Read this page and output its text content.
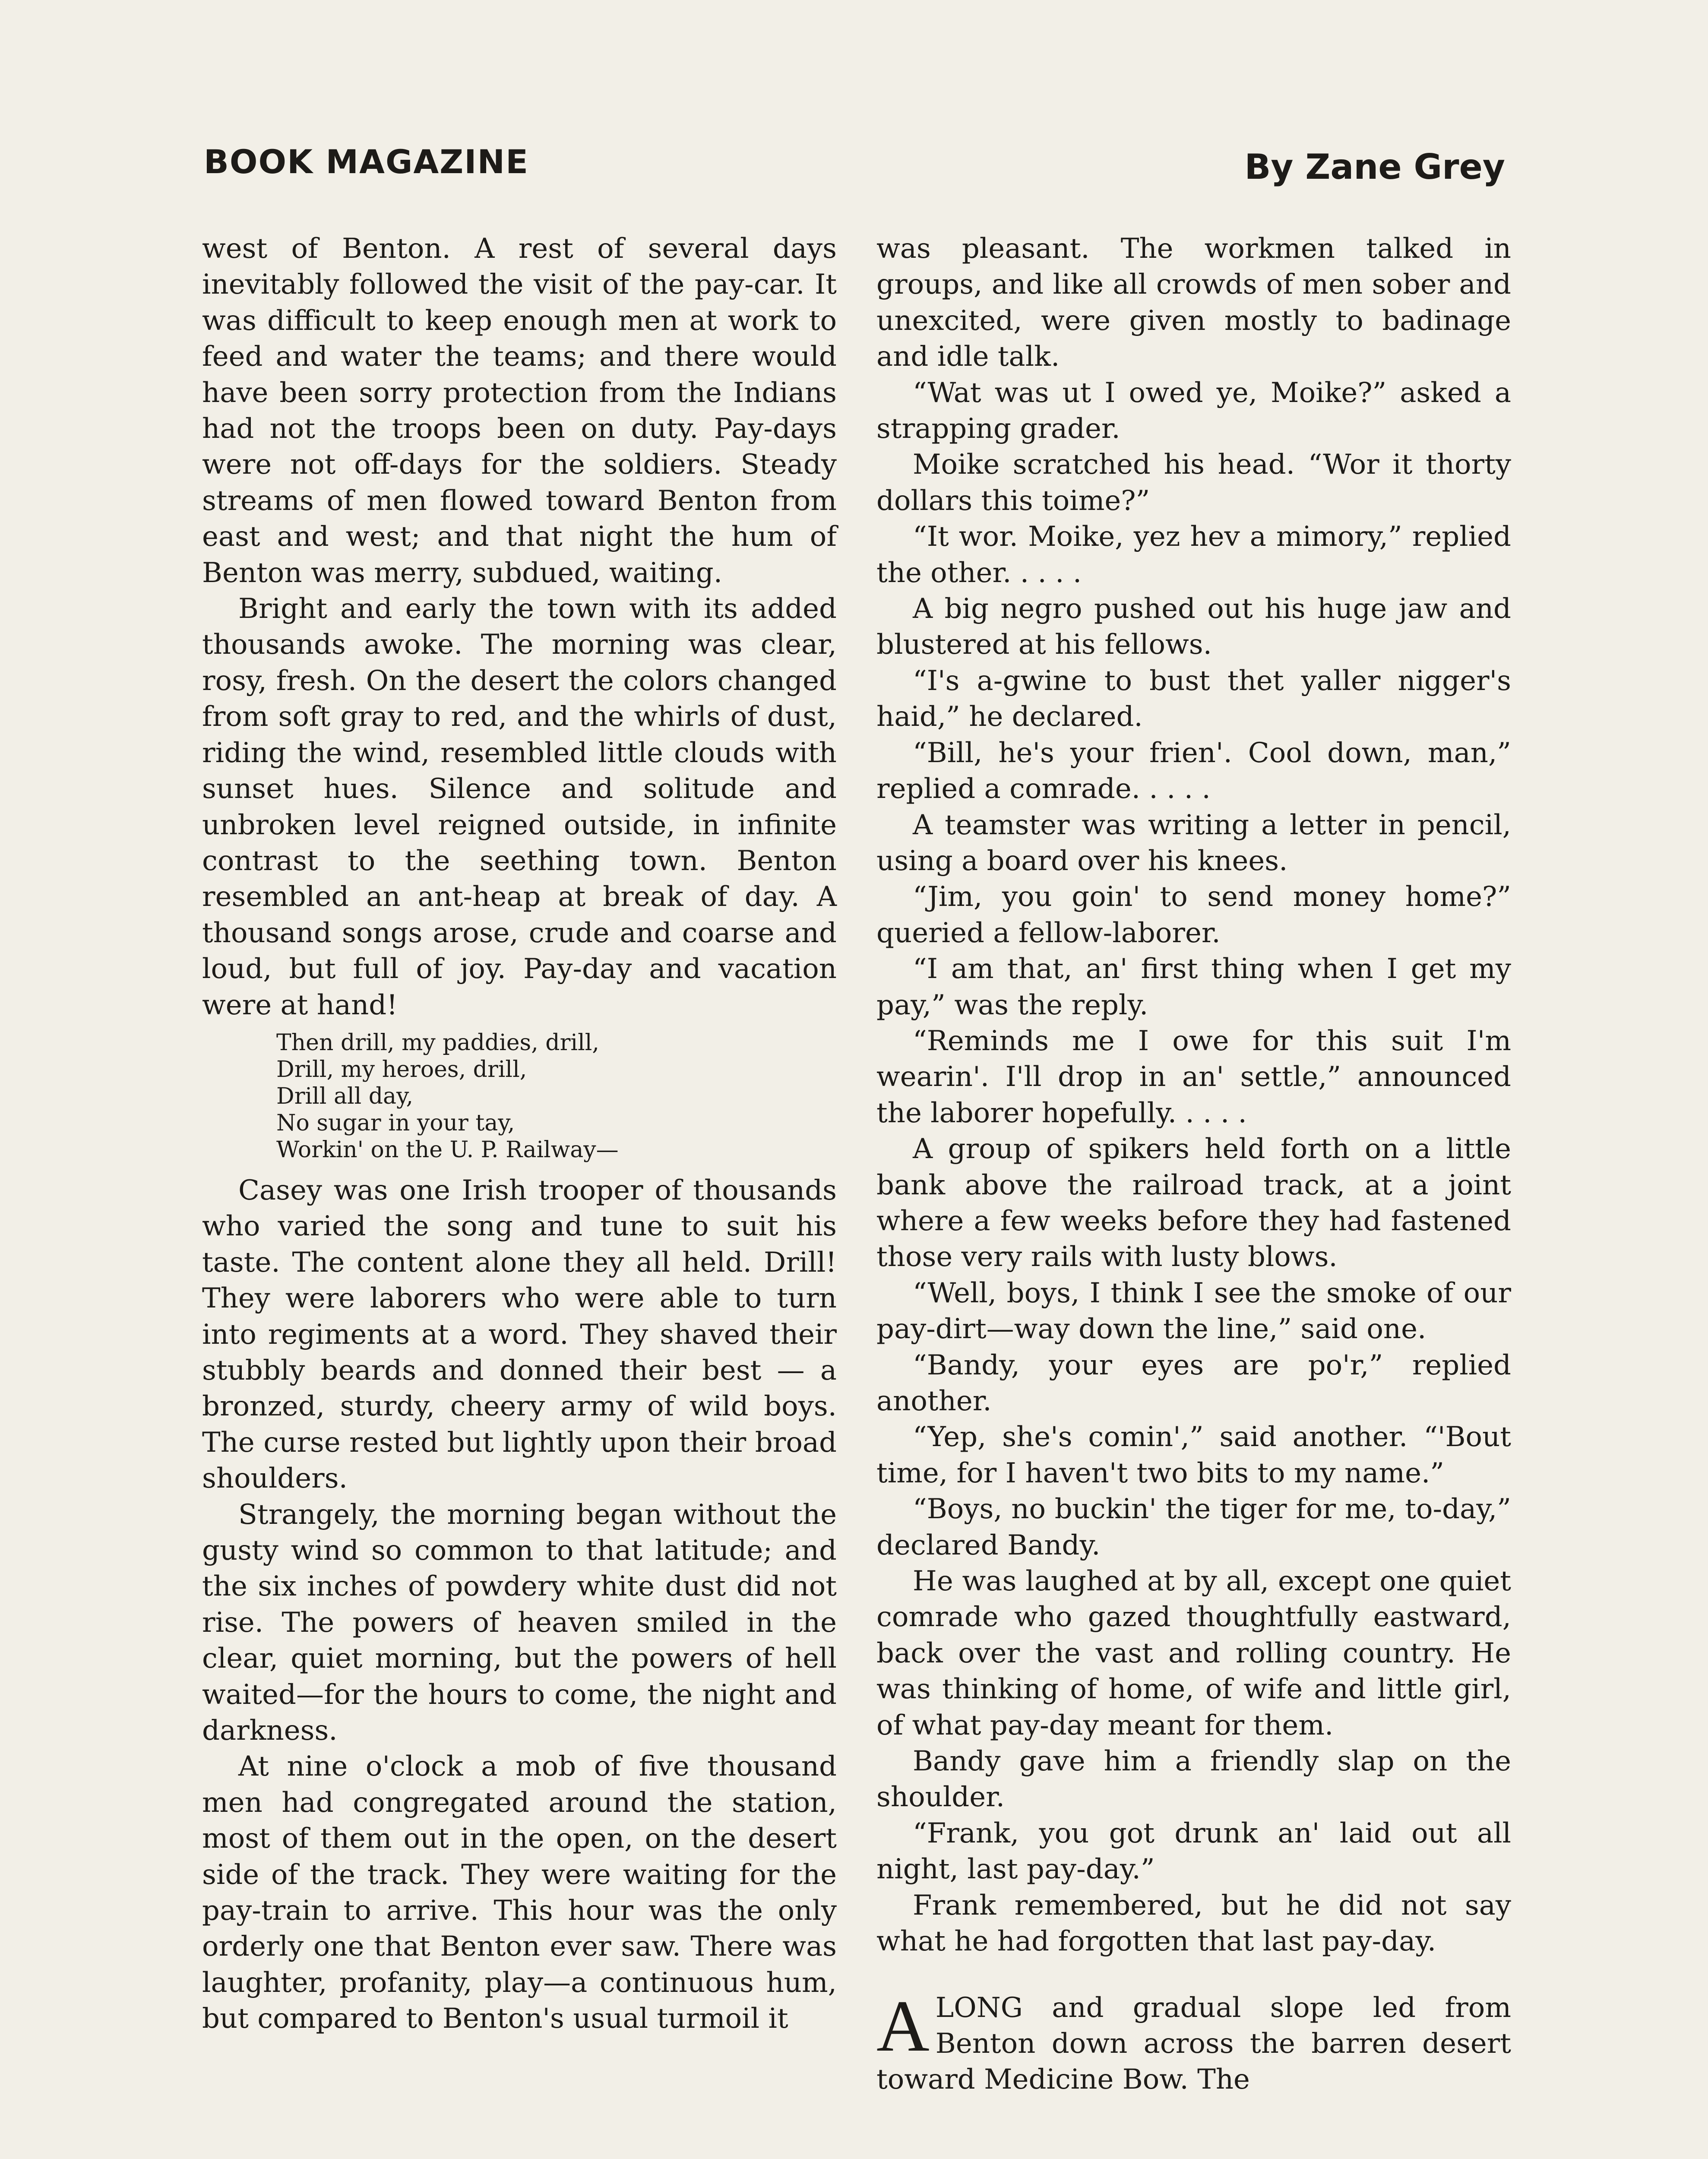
BOOK MAGAZINE	By Zane Grey

west of Benton. A rest of several days inevitably followed the visit of the pay-car. It was difficult to keep enough men at work to feed and water the teams; and there would have been sorry protection from the Indians had not the troops been on duty. Pay-days were not off-days for the soldiers. Steady streams of men flowed toward Benton from east and west; and that night the hum of Benton was merry, subdued, waiting.

Bright and early the town with its added thousands awoke. The morning was clear, rosy, fresh. On the desert the colors changed from soft gray to red, and the whirls of dust, riding the wind, resembled little clouds with sunset hues. Silence and solitude and unbroken level reigned outside, in infinite contrast to the seething town. Benton resembled an ant-heap at break of day. A thousand songs arose, crude and coarse and loud, but full of joy. Pay-day and vacation were at hand!

Then drill, my paddies, drill,
Drill, my heroes, drill,
Drill all day,
No sugar in your tay,
Workin' on the U. P. Railway—

Casey was one Irish trooper of thousands who varied the song and tune to suit his taste. The content alone they all held. Drill! They were laborers who were able to turn into regiments at a word. They shaved their stubbly beards and donned their best — a bronzed, sturdy, cheery army of wild boys. The curse rested but lightly upon their broad shoulders.

Strangely, the morning began without the gusty wind so common to that latitude; and the six inches of powdery white dust did not rise. The powers of heaven smiled in the clear, quiet morning, but the powers of hell waited—for the hours to come, the night and darkness.

At nine o'clock a mob of five thousand men had congregated around the station, most of them out in the open, on the desert side of the track. They were waiting for the pay-train to arrive. This hour was the only orderly one that Benton ever saw. There was laughter, profanity, play—a continuous hum, but compared to Benton's usual turmoil it

was pleasant. The workmen talked in groups, and like all crowds of men sober and unexcited, were given mostly to badinage and idle talk.

“Wat was ut I owed ye, Moike?” asked a strapping grader.

Moike scratched his head. “Wor it thorty dollars this toime?”

“It wor. Moike, yez hev a mimory,” replied the other. . . . .

A big negro pushed out his huge jaw and blustered at his fellows.

“I's a-gwine to bust thet yaller nigger's haid,” he declared.

“Bill, he's your frien'. Cool down, man,” replied a comrade. . . . .

A teamster was writing a letter in pencil, using a board over his knees.

“Jim, you goin' to send money home?” queried a fellow-laborer.

“I am that, an' first thing when I get my pay,” was the reply.

“Reminds me I owe for this suit I'm wearin'. I'll drop in an' settle,” announced the laborer hopefully. . . . .

A group of spikers held forth on a little bank above the railroad track, at a joint where a few weeks before they had fastened those very rails with lusty blows.

“Well, boys, I think I see the smoke of our pay-dirt—way down the line,” said one.

“Bandy, your eyes are po'r,” replied another.

“Yep, she's comin',” said another. “'Bout time, for I haven't two bits to my name.”

“Boys, no buckin' the tiger for me, to-day,” declared Bandy.

He was laughed at by all, except one quiet comrade who gazed thoughtfully eastward, back over the vast and rolling country. He was thinking of home, of wife and little girl, of what pay-day meant for them.

Bandy gave him a friendly slap on the shoulder.

“Frank, you got drunk an' laid out all night, last pay-day.”

Frank remembered, but he did not say what he had forgotten that last pay-day.

ALONG and gradual slope led from Benton down across the barren desert toward Medicine Bow. The
